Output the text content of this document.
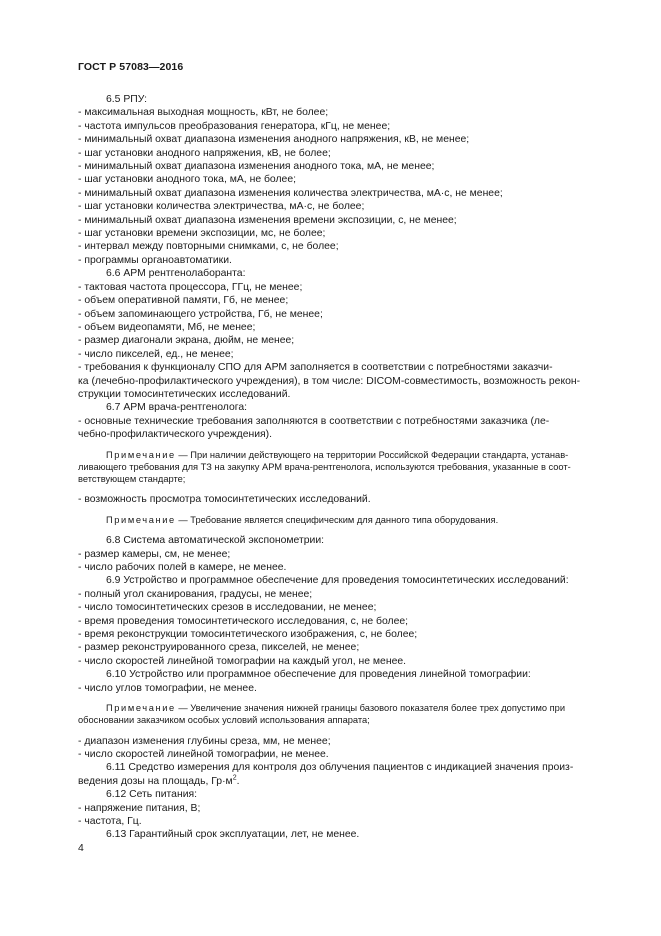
ГОСТ Р 57083—2016
6.5 РПУ:
- максимальная выходная мощность, кВт, не более;
- частота импульсов преобразования генератора, кГц, не менее;
- минимальный охват диапазона изменения анодного напряжения, кВ, не менее;
- шаг установки анодного напряжения, кВ, не более;
- минимальный охват диапазона изменения анодного тока, мА, не менее;
- шаг установки анодного тока, мА, не более;
- минимальный охват диапазона изменения количества электричества, мА·с, не менее;
- шаг установки количества электричества, мА·с, не более;
- минимальный охват диапазона изменения времени экспозиции, с, не менее;
- шаг установки времени экспозиции, мс, не более;
- интервал между повторными снимками, с, не более;
- программы органоавтоматики.
6.6 АРМ рентгенолаборанта:
- тактовая частота процессора, ГГц, не менее;
- объем оперативной памяти, Гб, не менее;
- объем запоминающего устройства, Гб, не менее;
- объем видеопамяти, Мб, не менее;
- размер диагонали экрана, дюйм, не менее;
- число пикселей, ед., не менее;
- требования к функционалу СПО для АРМ заполняется в соответствии с потребностями заказчи-
ка (лечебно-профилактического учреждения), в том числе: DICOM-совместимость, возможность рекон-
струкции томосинтетических исследований.
6.7 АРМ врача-рентгенолога:
- основные технические требования заполняются в соответствии с потребностями заказчика (ле-
чебно-профилактического учреждения).
Примечание — При наличии действующего на территории Российской Федерации стандарта, устанав-
ливающего требования для ТЗ на закупку АРМ врача-рентгенолога, используются требования, указанные в соот-
ветствующем стандарте;
- возможность просмотра томосинтетических исследований.
Примечание — Требование является специфическим для данного типа оборудования.
6.8 Система автоматической экспонометрии:
- размер камеры, см, не менее;
- число рабочих полей в камере, не менее.
6.9 Устройство и программное обеспечение для проведения томосинтетических исследований:
- полный угол сканирования, градусы, не менее;
- число томосинтетических срезов в исследовании, не менее;
- время проведения томосинтетического исследования, с, не более;
- время реконструкции томосинтетического изображения, с, не более;
- размер реконструированного среза, пикселей, не менее;
- число скоростей линейной томографии на каждый угол, не менее.
6.10 Устройство или программное обеспечение для проведения линейной томографии:
- число углов томографии, не менее.
Примечание — Увеличение значения нижней границы базового показателя более трех допустимо при
обосновании заказчиком особых условий использования аппарата;
- диапазон изменения глубины среза, мм, не менее;
- число скоростей линейной томографии, не менее.
6.11 Средство измерения для контроля доз облучения пациентов с индикацией значения произ-
ведения дозы на площадь, $Гр\cdot м^2$.
6.12 Сеть питания:
- напряжение питания, В;
- частота, Гц.
6.13 Гарантийный срок эксплуатации, лет, не менее.
4
